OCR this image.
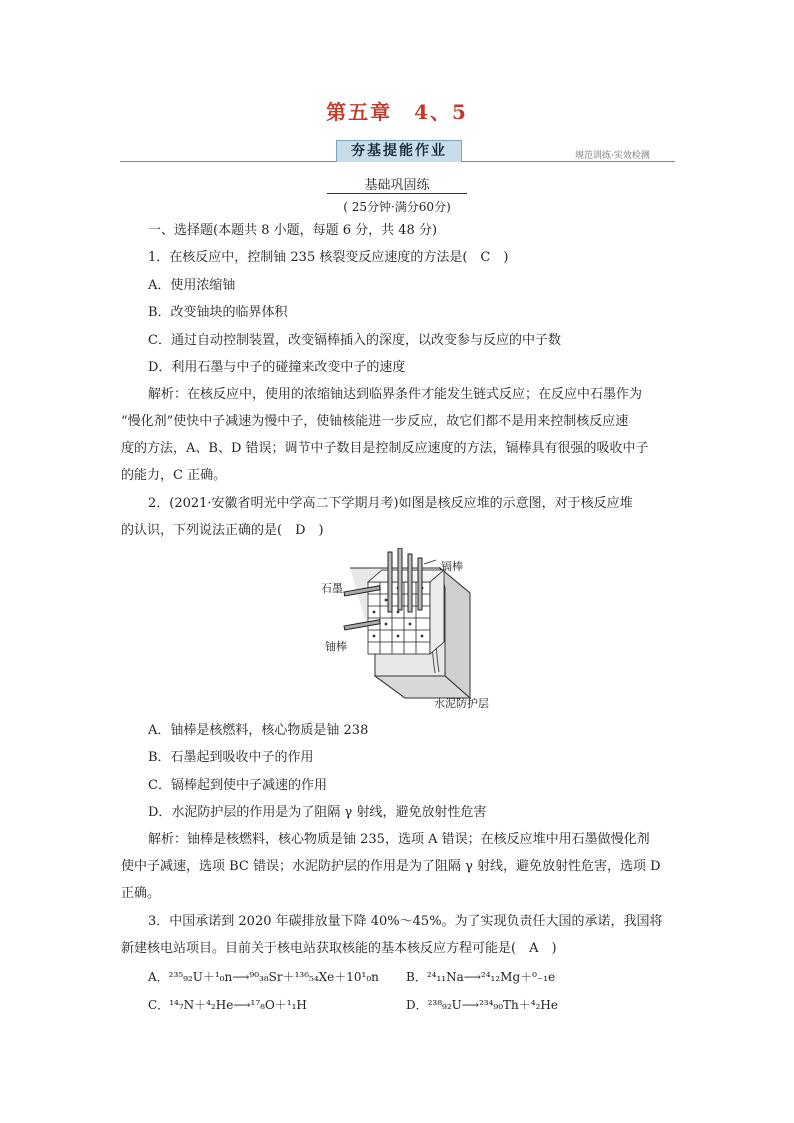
第五章　4、5
夯基提能作业	规范训练·实效检测
基础巩固练
( 25分钟·满分60分)
一、选择题(本题共 8 小题，每题 6 分，共 48 分)
1．在核反应中，控制铀 235 核裂变反应速度的方法是(　C　)
A．使用浓缩铀
B．改变铀块的临界体积
C．通过自动控制装置，改变镉棒插入的深度，以改变参与反应的中子数
D．利用石墨与中子的碰撞来改变中子的速度
解析：在核反应中，使用的浓缩铀达到临界条件才能发生链式反应；在反应中石墨作为
“慢化剂”使快中子减速为慢中子，使铀核能进一步反应，故它们都不是用来控制核反应速
度的方法，A、B、D 错误；调节中子数目是控制反应速度的方法，镉棒具有很强的吸收中子
的能力，C 正确。
2．(2021·安徽省明光中学高二下学期月考)如图是核反应堆的示意图，对于核反应堆
的认识，下列说法正确的是(　D　)
镉棒
石墨
铀棒
水泥防护层
A．铀棒是核燃料，核心物质是铀 238
B．石墨起到吸收中子的作用
C．镉棒起到使中子减速的作用
D．水泥防护层的作用是为了阻隔 γ 射线，避免放射性危害
解析：铀棒是核燃料，核心物质是铀 235，选项 A 错误；在核反应堆中用石墨做慢化剂
使中子减速，选项 BC 错误；水泥防护层的作用是为了阻隔 γ 射线，避免放射性危害，选项 D
正确。
3．中国承诺到 2020 年碳排放量下降 40%～45%。为了实现负责任大国的承诺，我国将
新建核电站项目。目前关于核电站获取核能的基本核反应方程可能是(　A　)
A．²³⁵₉₂U＋¹₀n⟶⁹⁰₃₈Sr＋¹³⁶₅₄Xe＋10¹₀n B．²⁴₁₁Na⟶²⁴₁₂Mg＋⁰₋₁e
C．¹⁴₇N＋⁴₂He⟶¹⁷₈O＋¹₁H	D．²³⁸₉₂U⟶²³⁴₉₀Th＋⁴₂He
